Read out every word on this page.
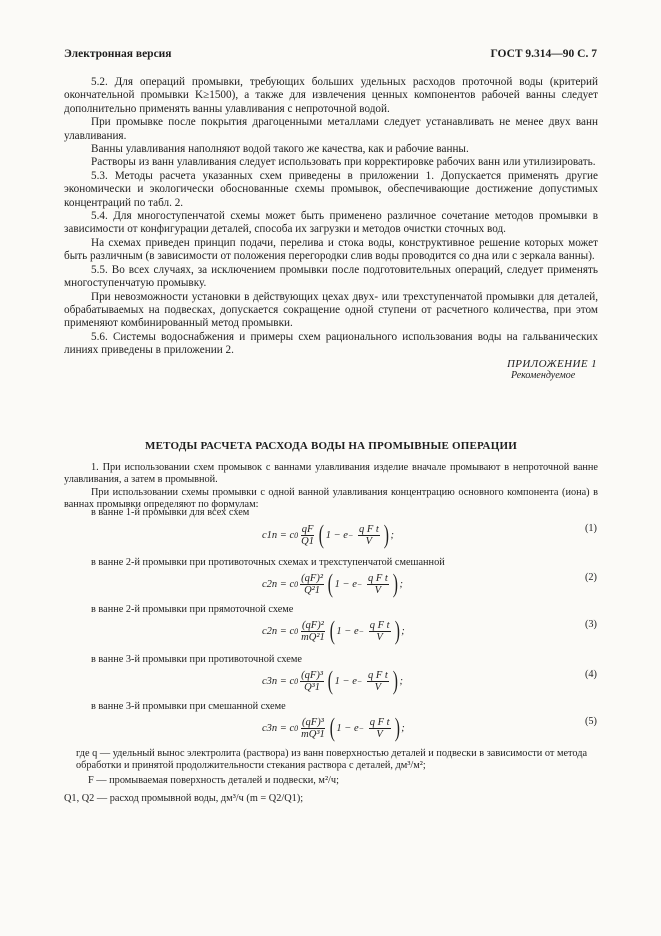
Электронная версия	ГОСТ 9.314—90 С. 7

5.2. Для операций промывки, требующих больших удельных расходов проточной воды (критерий окончательной промывки K≥1500), а также для извлечения ценных компонентов рабочей ванны следует дополнительно применять ванны улавливания с непроточной водой.

При промывке после покрытия драгоценными металлами следует устанавливать не менее двух ванн улавливания.

Ванны улавливания наполняют водой такого же качества, как и рабочие ванны.

Растворы из ванн улавливания следует использовать при корректировке рабочих ванн или утилизировать.

5.3. Методы расчета указанных схем приведены в приложении 1. Допускается применять другие экономически и экологически обоснованные схемы промывок, обеспечивающие достижение допустимых концентраций по табл. 2.

5.4. Для многоступенчатой схемы может быть применено различное сочетание методов промывки в зависимости от конфигурации деталей, способа их загрузки и методов очистки сточных вод.

На схемах приведен принцип подачи, перелива и стока воды, конструктивное решение которых может быть различным (в зависимости от положения перегородки слив воды проводится со дна или с зеркала ванны).

5.5. Во всех случаях, за исключением промывки после подготовительных операций, следует применять многоступенчатую промывку.

При невозможности установки в действующих цехах двух- или трехступенчатой промывки для деталей, обрабатываемых на подвесках, допускается сокращение одной ступени от расчетного количества, при этом применяют комбинированный метод промывки.

5.6. Системы водоснабжения и примеры схем рационального использования воды на гальванических линиях приведены в приложении 2.

ПРИЛОЖЕНИЕ 1
Рекомендуемое
МЕТОДЫ РАСЧЕТА РАСХОДА ВОДЫ НА ПРОМЫВНЫЕ ОПЕРАЦИИ

1. При использовании схем промывок с ваннами улавливания изделие вначале промывают в непроточной ванне улавливания, а затем в промывной.

При использовании схемы промывки с одной ванной улавливания концентрацию основного компонента (иона) в ваннах промывки определяют по формулам:

в ванне 1-й промывки для всех схем
c1п = c $0 \frac{qF}{Q1}$ ( 1 − e −
$\frac{\text{q F t}}{V}$ ) ;
(1)
в ванне 2-й промывки при противоточных схемах и трехступенчатой смешанной
c2п = c $0 \frac{\text{(qF)²}}{\text{Q²1}}$ ( 1 − e −
$\frac{\text{q F t}}{V}$ ) ;
(2)
в ванне 2-й промывки при прямоточной схеме
c2п = c $0 \frac{\text{(qF)²}}{\text{mQ²1}}$ ( 1 − e −
$\frac{\text{q F t}}{V}$ ) ;
(3)
в ванне 3-й промывки при противоточной схеме
c3п = c $0 \frac{\text{(qF)³}}{\text{Q³1}}$ ( 1 − e −
$\frac{\text{q F t}}{V}$ ) ;
(4)
в ванне 3-й промывки при смешанной схеме
c3п = c $0 \frac{\text{(qF)³}}{\text{mQ³1}}$ ( 1 − e −
$\frac{\text{q F t}}{V}$ ) ;
(5)
где q — удельный вынос электролита (раствора) из ванн поверхностью деталей и подвески в зависимости от метода обработки и принятой продолжительности стекания раствора с деталей, дм³/м²;
F — промываемая поверхность деталей и подвески, м²/ч;
Q1, Q2 — расход промывной воды, дм³/ч (m = Q2/Q1);
